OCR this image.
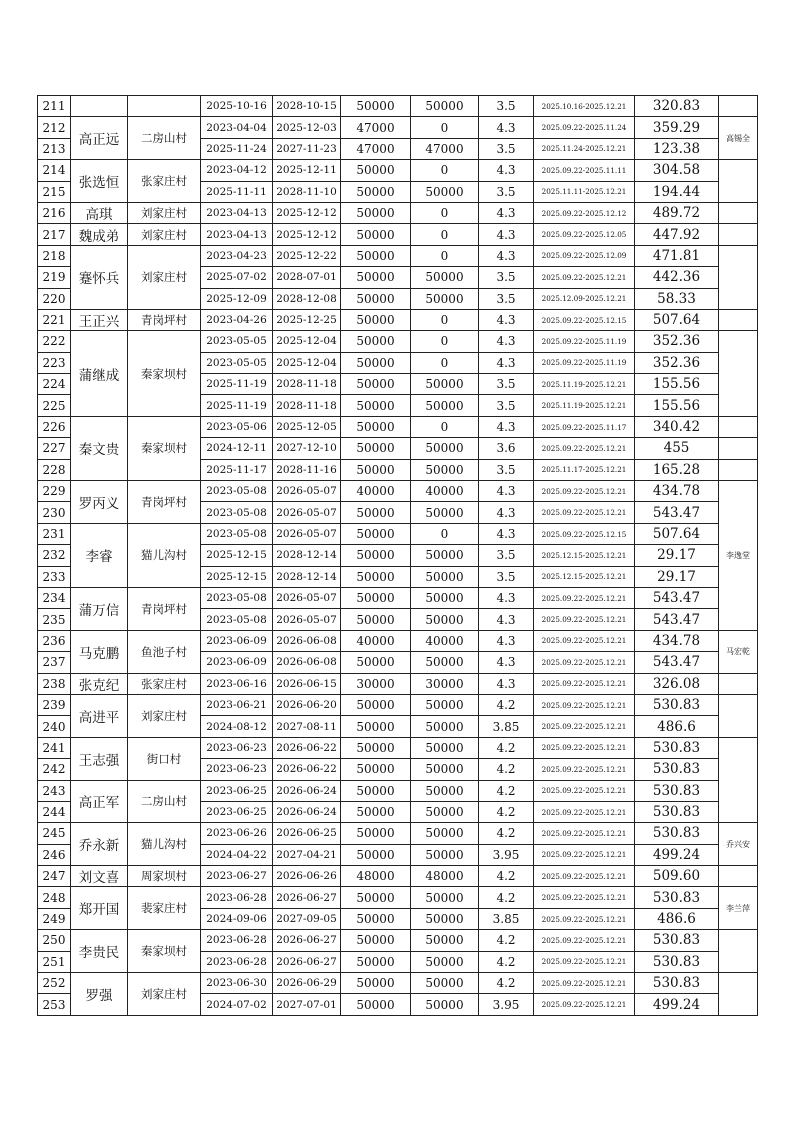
211			2025-10-16	2028-10-15	50000	50000	3.5	2025.10.16-2025.12.21	320.83	
212	高正远	二房山村	2023-04-04	2025-12-03	47000	0	4.3	2025.09.22-2025.11.24	359.29	高锡全
213			2025-11-24	2027-11-23	47000	47000	3.5	2025.11.24-2025.12.21	123.38	
214	张选恒	张家庄村	2023-04-12	2025-12-11	50000	0	4.3	2025.09.22-2025.11.11	304.58	
215			2025-11-11	2028-11-10	50000	50000	3.5	2025.11.11-2025.12.21	194.44	
216	高琪	刘家庄村	2023-04-13	2025-12-12	50000	0	4.3	2025.09.22-2025.12.12	489.72	
217	魏成弟	刘家庄村	2023-04-13	2025-12-12	50000	0	4.3	2025.09.22-2025.12.05	447.92	
218	蹇怀兵	刘家庄村	2023-04-23	2025-12-22	50000	0	4.3	2025.09.22-2025.12.09	471.81	
219			2025-07-02	2028-07-01	50000	50000	3.5	2025.09.22-2025.12.21	442.36	
220			2025-12-09	2028-12-08	50000	50000	3.5	2025.12.09-2025.12.21	58.33	
221	王正兴	青岗坪村	2023-04-26	2025-12-25	50000	0	4.3	2025.09.22-2025.12.15	507.64	
222	蒲继成	秦家坝村	2023-05-05	2025-12-04	50000	0	4.3	2025.09.22-2025.11.19	352.36	
223			2023-05-05	2025-12-04	50000	0	4.3	2025.09.22-2025.11.19	352.36	
224			2025-11-19	2028-11-18	50000	50000	3.5	2025.11.19-2025.12.21	155.56	
225			2025-11-19	2028-11-18	50000	50000	3.5	2025.11.19-2025.12.21	155.56	
226	秦文贵	秦家坝村	2023-05-06	2025-12-05	50000	0	4.3	2025.09.22-2025.11.17	340.42	
227			2024-12-11	2027-12-10	50000	50000	3.6	2025.09.22-2025.12.21	455	
228			2025-11-17	2028-11-16	50000	50000	3.5	2025.11.17-2025.12.21	165.28	
229	罗丙义	青岗坪村	2023-05-08	2026-05-07	40000	40000	4.3	2025.09.22-2025.12.21	434.78	李逸堂
230			2023-05-08	2026-05-07	50000	50000	4.3	2025.09.22-2025.12.21	543.47	
231	李睿	猫儿沟村	2023-05-08	2026-05-07	50000	0	4.3	2025.09.22-2025.12.15	507.64	
232			2025-12-15	2028-12-14	50000	50000	3.5	2025.12.15-2025.12.21	29.17	
233			2025-12-15	2028-12-14	50000	50000	3.5	2025.12.15-2025.12.21	29.17	
234	蒲万信	青岗坪村	2023-05-08	2026-05-07	50000	50000	4.3	2025.09.22-2025.12.21	543.47	
235			2023-05-08	2026-05-07	50000	50000	4.3	2025.09.22-2025.12.21	543.47	
236	马克鹏	鱼池子村	2023-06-09	2026-06-08	40000	40000	4.3	2025.09.22-2025.12.21	434.78	马宏乾
237			2023-06-09	2026-06-08	50000	50000	4.3	2025.09.22-2025.12.21	543.47	
238	张克纪	张家庄村	2023-06-16	2026-06-15	30000	30000	4.3	2025.09.22-2025.12.21	326.08	
239	高进平	刘家庄村	2023-06-21	2026-06-20	50000	50000	4.2	2025.09.22-2025.12.21	530.83	
240			2024-08-12	2027-08-11	50000	50000	3.85	2025.09.22-2025.12.21	486.6	
241	王志强	街口村	2023-06-23	2026-06-22	50000	50000	4.2	2025.09.22-2025.12.21	530.83	
242			2023-06-23	2026-06-22	50000	50000	4.2	2025.09.22-2025.12.21	530.83	
243	高正军	二房山村	2023-06-25	2026-06-24	50000	50000	4.2	2025.09.22-2025.12.21	530.83	
244			2023-06-25	2026-06-24	50000	50000	4.2	2025.09.22-2025.12.21	530.83	
245	乔永新	猫儿沟村	2023-06-26	2026-06-25	50000	50000	4.2	2025.09.22-2025.12.21	530.83	乔兴安
246			2024-04-22	2027-04-21	50000	50000	3.95	2025.09.22-2025.12.21	499.24	
247	刘文喜	周家坝村	2023-06-27	2026-06-26	48000	48000	4.2	2025.09.22-2025.12.21	509.60	
248	郑开国	裴家庄村	2023-06-28	2026-06-27	50000	50000	4.2	2025.09.22-2025.12.21	530.83	李兰萍
249			2024-09-06	2027-09-05	50000	50000	3.85	2025.09.22-2025.12.21	486.6	
250	李贵民	秦家坝村	2023-06-28	2026-06-27	50000	50000	4.2	2025.09.22-2025.12.21	530.83	
251			2023-06-28	2026-06-27	50000	50000	4.2	2025.09.22-2025.12.21	530.83	
252	罗强	刘家庄村	2023-06-30	2026-06-29	50000	50000	4.2	2025.09.22-2025.12.21	530.83	
253			2024-07-02	2027-07-01	50000	50000	3.95	2025.09.22-2025.12.21	499.24	
